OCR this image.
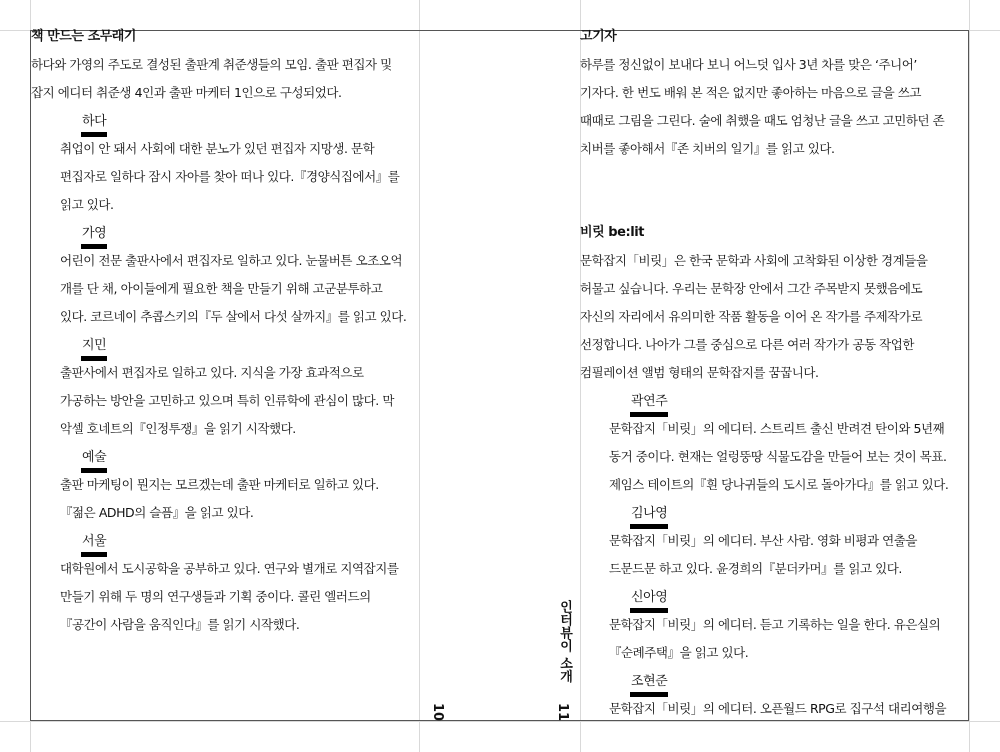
책 만드는 조무래기
하다와 가영의 주도로 결성된 출판계 취준생들의 모임. 출판 편집자 및
잡지 에디터 취준생 4인과 출판 마케터 1인으로 구성되었다.
하다
취업이 안 돼서 사회에 대한 분노가 있던 편집자 지망생. 문학
편집자로 일하다 잠시 자아를 찾아 떠나 있다.『경양식집에서』를
읽고 있다.
가영
어린이 전문 출판사에서 편집자로 일하고 있다. 눈물버튼 오조오억
개를 단 채, 아이들에게 필요한 책을 만들기 위해 고군분투하고
있다. 코르네이 추콥스키의『두 살에서 다섯 살까지』를 읽고 있다.
지민
출판사에서 편집자로 일하고 있다. 지식을 가장 효과적으로
가공하는 방안을 고민하고 있으며 특히 인류학에 관심이 많다. 막
악셀 호네트의『인정투쟁』을 읽기 시작했다.
예술
출판 마케팅이 뭔지는 모르겠는데 출판 마케터로 일하고 있다.
『젊은 ADHD의 슬픔』을 읽고 있다.
서울
대학원에서 도시공학을 공부하고 있다. 연구와 별개로 지역잡지를
만들기 위해 두 명의 연구생들과 기획 중이다. 콜린 엘러드의
『공간이 사람을 움직인다』를 읽기 시작했다.
10
인터뷰이 소개
11
고기자
하루를 정신없이 보내다 보니 어느덧 입사 3년 차를 맞은 ‘주니어’
기자다. 한 번도 배워 본 적은 없지만 좋아하는 마음으로 글을 쓰고
때때로 그림을 그린다. 술에 취했을 때도 엄청난 글을 쓰고 고민하던 존
치버를 좋아해서『존 치버의 일기』를 읽고 있다.
비릿 be:lit
문학잡지「비릿」은 한국 문학과 사회에 고착화된 이상한 경계들을
허물고 싶습니다. 우리는 문학장 안에서 그간 주목받지 못했음에도
자신의 자리에서 유의미한 작품 활동을 이어 온 작가를 주제작가로
선정합니다. 나아가 그를 중심으로 다른 여러 작가가 공동 작업한
컴필레이션 앨범 형태의 문학잡지를 꿈꿉니다.
곽연주
문학잡지「비릿」의 에디터. 스트리트 출신 반려견 탄이와 5년째
동거 중이다. 현재는 얼렁뚱땅 식물도감을 만들어 보는 것이 목표.
제임스 테이트의『흰 당나귀들의 도시로 돌아가다』를 읽고 있다.
김나영
문학잡지「비릿」의 에디터. 부산 사람. 영화 비평과 연출을
드문드문 하고 있다. 윤경희의『분더카머』를 읽고 있다.
신아영
문학잡지「비릿」의 에디터. 듣고 기록하는 일을 한다. 유은실의
『순례주택』을 읽고 있다.
조현준
문학잡지「비릿」의 에디터. 오픈월드 RPG로 집구석 대리여행을
